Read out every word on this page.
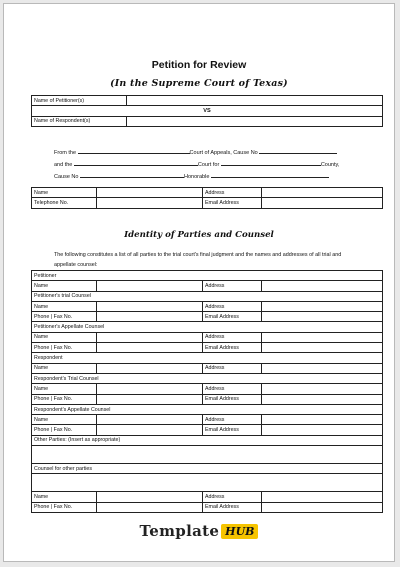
Petition for Review
(In the Supreme Court of Texas)
Name of Petitioner(s)	
VS	
Name of Respondent(s)	
From the	Court of Appeals, Cause No
and the	Court for	County,
Cause No	Honorable
Name		Address	
Telephone No.		Email Address	
Identity of Parties and Counsel
The following constitutes a list of all parties to the trial court's final judgment and the names and addresses of all trial and appellate counsel:
Petitioner			
Name		Address	
Petitioner's trial Counsel			
Name		Address	
Phone | Fax No.		Email Address	
Petitioner's Appellate Counsel			
Name		Address	
Phone | Fax No.		Email Address	
Respondent			
Name		Address	
Respondent's Trial Counsel			
Name		Address	
Phone | Fax No.		Email Address	
Respondent's Appellate Counsel			
Name		Address	
Phone | Fax No.		Email Address	
Other Parties: (Insert as appropriate)			

Counsel for other parties			

Name		Address	
Phone | Fax No.		Email Address	
Template HUB
